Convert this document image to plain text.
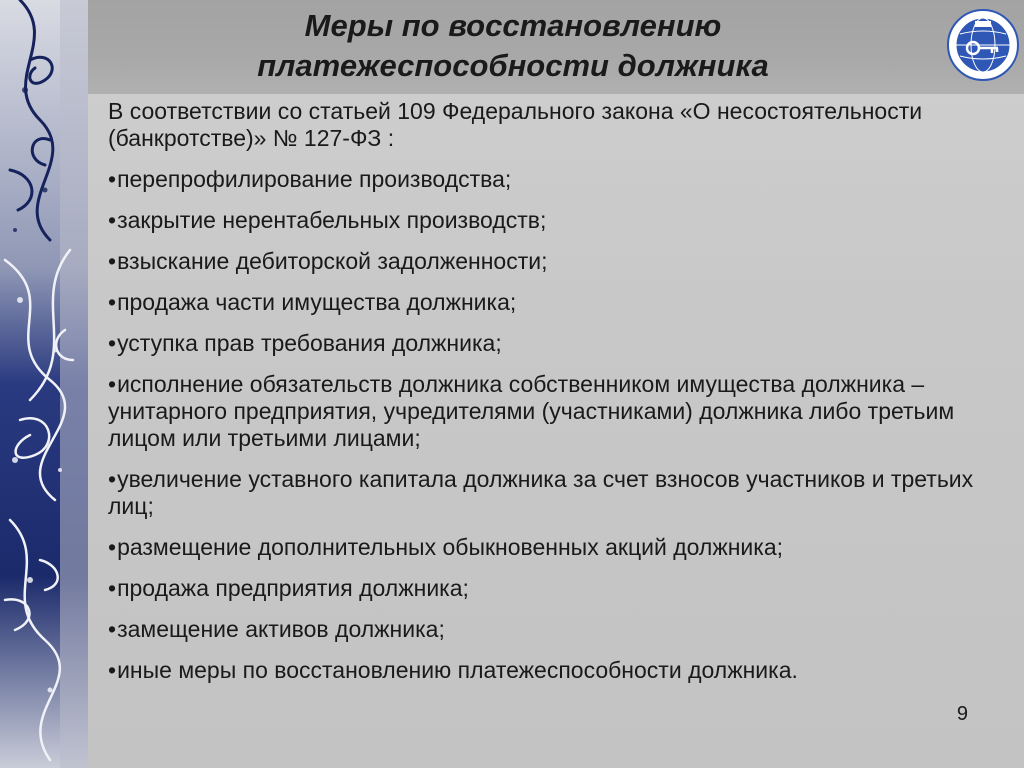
Меры по восстановлению
платежеспособности должника

В соответствии со статьей 109 Федерального закона «О несостоятельности (банкротстве)» № 127-ФЗ :

•перепрофилирование производства;
•закрытие нерентабельных производств;
•взыскание дебиторской задолженности;
•продажа части имущества должника;
•уступка прав требования должника;
•исполнение обязательств должника собственником имущества должника – унитарного предприятия, учредителями (участниками) должника либо третьим лицом или третьими лицами;
•увеличение уставного капитала должника за счет взносов участников и третьих лиц;
•размещение дополнительных обыкновенных акций должника;
•продажа предприятия должника;
•замещение активов должника;
•иные меры по восстановлению платежеспособности должника.
9
